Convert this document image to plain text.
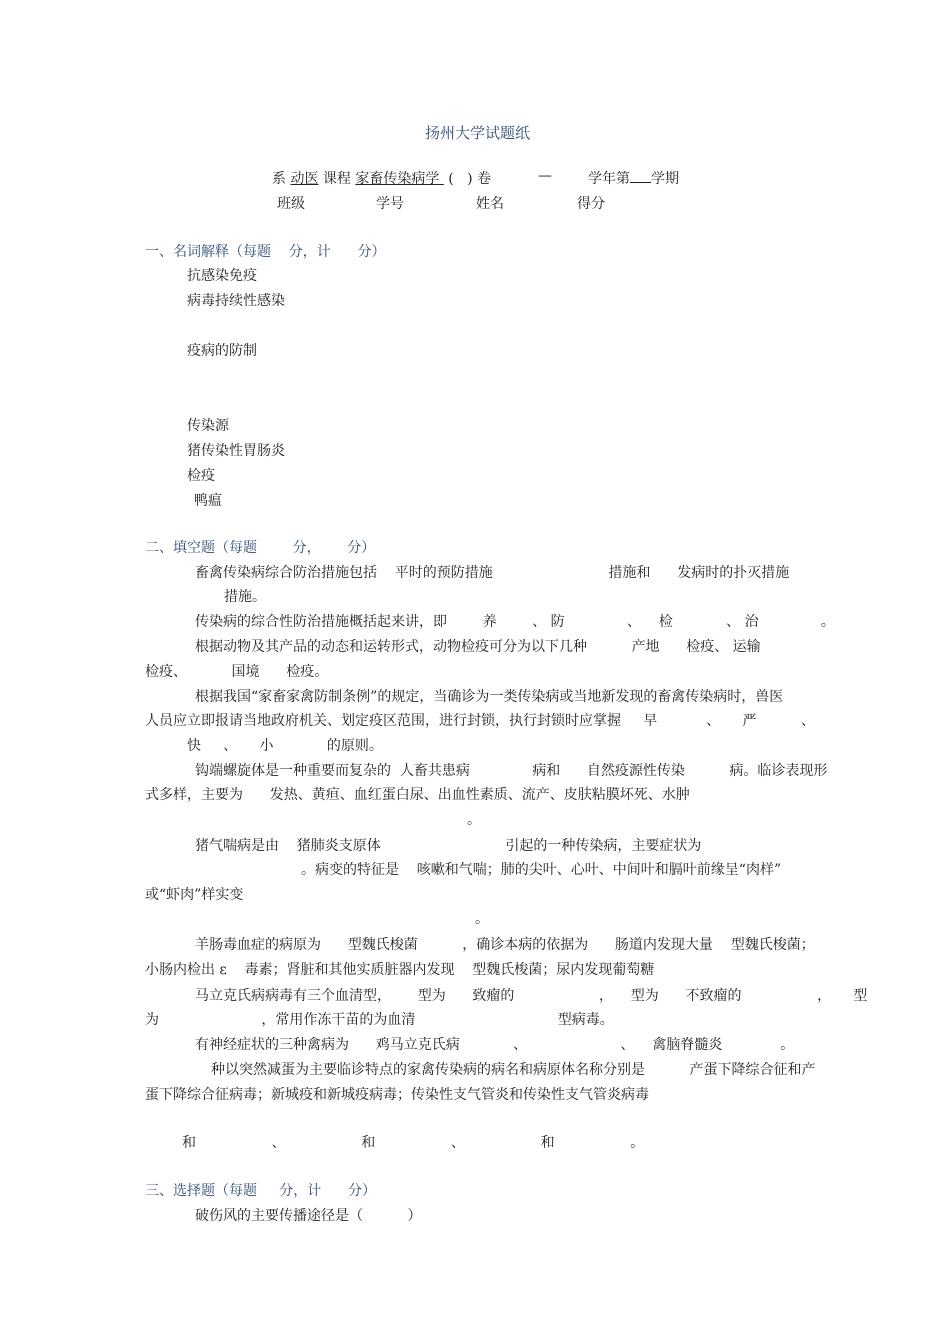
扬州大学试题纸
系 动医 课程 家畜传染病学 (   ) 卷	—	学年第 学期
班级	学号	姓名	得分
一、名词解释（每题    分，计      分）
抗感染免疫
病毒持续性感染
疫病的防制
传染源
猪传染性胃肠炎
检疫
鸭瘟
二、填空题（每题        分，      分）
畜禽传染病综合防治措施包括    平时的预防措施                          措施和      发病时的扑灭措施
措施。
传染病的综合性防治措施概括起来讲，即        养        、 防              、    检            、 治              。
根据动物及其产品的动态和运转形式，动物检疫可分为以下几种          产地      检疫、 运输
检疫、          国境      检疫。
根据我国“家畜家禽防制条例”的规定，当确诊为一类传染病或当地新发现的畜禽传染病时，兽医
人员应立即报请当地政府机关、划定疫区范围，进行封锁，执行封锁时应掌握     早           、     严          、
快     、     小            的原则。
钩端螺旋体是一种重要而复杂的  人畜共患病              病和      自然疫源性传染          病。临诊表现形
式多样，主要为      发热、黄疸、血红蛋白尿、出血性素质、流产、皮肤粘膜坏死、水肿
。
猪气喘病是由    猪肺炎支原体                            引起的一种传染病，主要症状为
。病变的特征是    咳嗽和气喘；肺的尖叶、心叶、中间叶和膈叶前缘呈“肉样”
或“虾肉”样实变
。
羊肠毒血症的病原为      型魏氏梭菌          ，确诊本病的依据为      肠道内发现大量    型魏氏梭菌；
小肠内检出 ε    毒素；肾脏和其他实质脏器内发现    型魏氏梭菌；尿内发现葡萄糖
马立克氏病病毒有三个血清型，      型为      致瘤的                   ，    型为      不致瘤的                 ，     型
为                       ，常用作冻干苗的为血清                                型病毒。
有神经症状的三种禽病为      鸡马立克氏病            、                     、    禽脑脊髓炎             。
种以突然减蛋为主要临诊特点的家禽传染病的病名和病原体名称分别是          产蛋下降综合征和产
蛋下降综合征病毒；新城疫和新城疫病毒；传染性支气管炎和传染性支气管炎病毒
和                 、                 和                 、                 和                 。
三、选择题（每题     分，计      分）
破伤风的主要传播途径是（          ）
